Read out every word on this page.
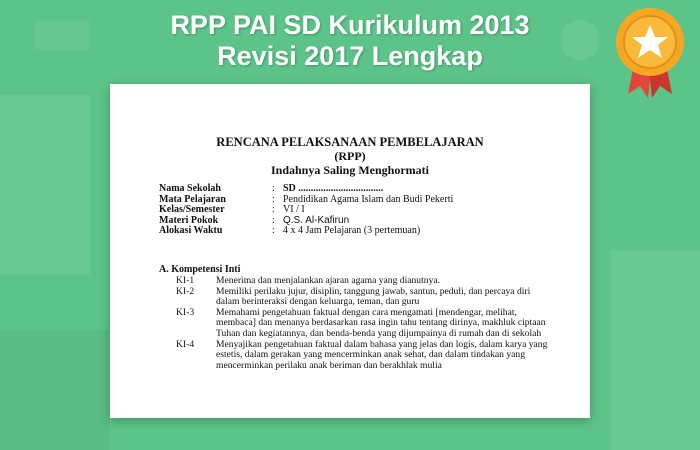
RPP PAI SD Kurikulum 2013
Revisi 2017 Lengkap
RENCANA PELAKSANAAN PEMBELAJARAN
(RPP)
Indahnya Saling Menghormati
Nama Sekolah	: SD ..................................
Mata Pelajaran	: Pendidikan Agama Islam dan Budi Pekerti
Kelas/Semester	: VI / I
Materi Pokok	: Q.S. Al-Kafirun
Alokasi Waktu	: 4 x 4 Jam Pelajaran (3 pertemuan)
A. Kompetensi Inti
KI-1 Menerima dan menjalankan ajaran agama yang dianutnya.
KI-2 Memiliki perilaku jujur, disiplin, tanggung jawab, santun, peduli, dan percaya diri
dalam berinteraksi dengan keluarga, teman, dan guru
KI-3 Memahami pengetahuan faktual dengan cara mengamati [mendengar, melihat,
membaca] dan menanya berdasarkan rasa ingin tahu tentang dirinya, makhluk ciptaan
Tuhan dan kegiatannya, dan benda-benda yang dijumpainya di rumah dan di sekolah
KI-4 Menyajikan pengetahuan faktual dalam bahasa yang jelas dan logis, dalam karya yang
estetis, dalam gerakan yang mencerminkan anak sehat, dan dalam tindakan yang
mencerminkan perilaku anak beriman dan berakhlak mulia
